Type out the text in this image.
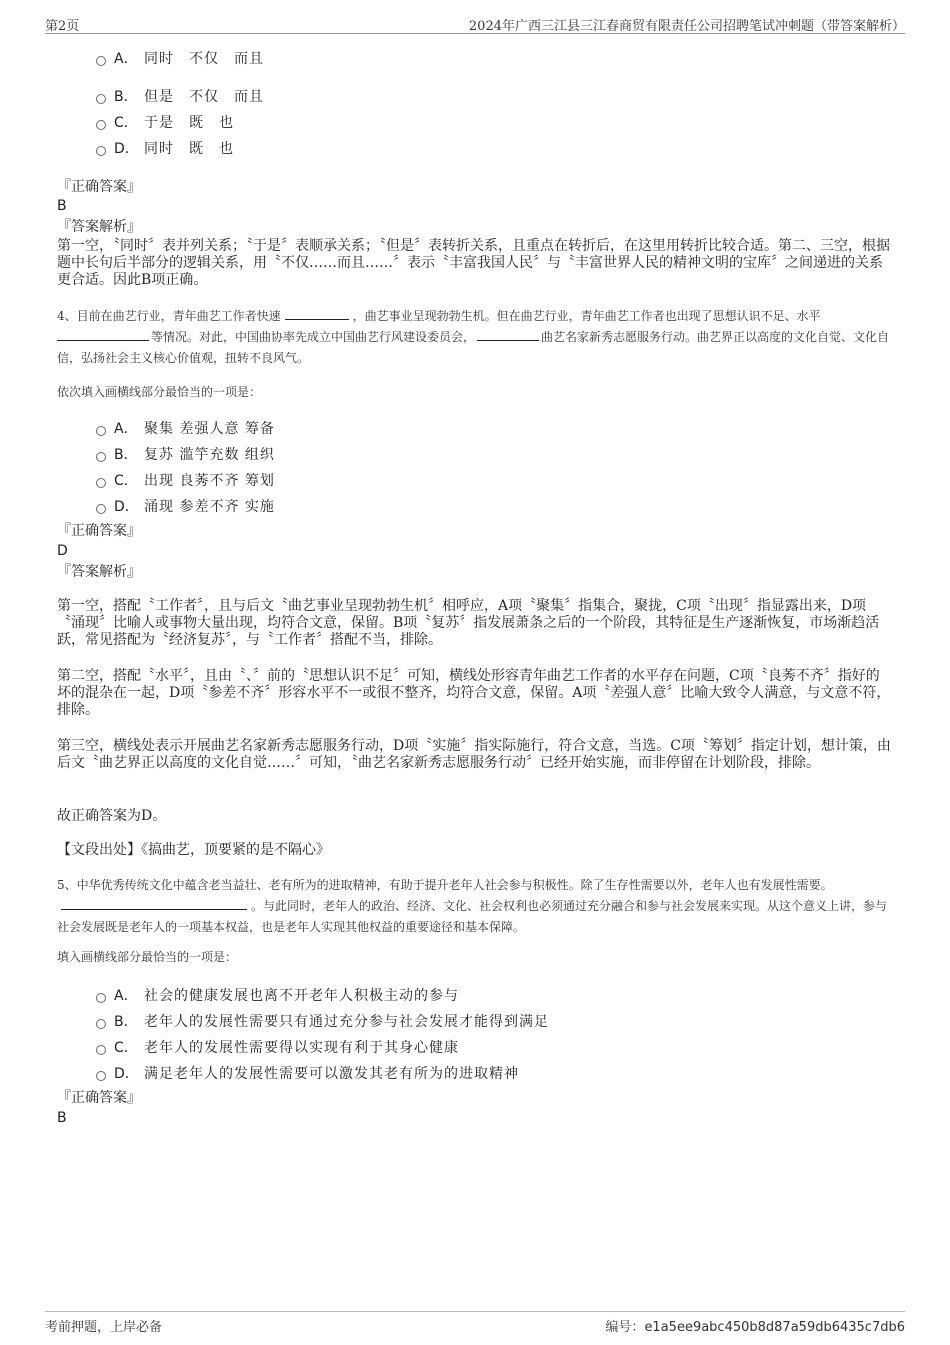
第2页	2024年广西三江县三江春商贸有限责任公司招聘笔试冲刺题（带答案解析）
A． 同时　不仅　而且
B． 但是　不仅　而且
C． 于是　既　也
D． 同时　既　也
『正确答案』
B
『答案解析』
第一空，〝同时〞表并列关系；〝于是〞表顺承关系；〝但是〞表转折关系，且重点在转折后，在这里用转折比较合适。第二、三空，根据题中长句后半部分的逻辑关系，用〝不仅……而且……〞表示〝丰富我国人民〞与〝丰富世界人民的精神文明的宝库〞之间递进的关系更合适。因此B项正确。
4、目前在曲艺行业，青年曲艺工作者快速	，曲艺事业呈现勃勃生机。但在曲艺行业，青年曲艺工作者也出现了思想认识不足、水平等情况。对此，中国曲协率先成立中国曲艺行风建设委员会，	曲艺名家新秀志愿服务行动。曲艺界正以高度的文化自觉、文化自信，弘扬社会主义核心价值观，扭转不良风气。
依次填入画横线部分最恰当的一项是：
A． 聚集 差强人意 筹备
B． 复苏 滥竽充数 组织
C． 出现 良莠不齐 筹划
D． 涌现 参差不齐 实施
『正确答案』
D
『答案解析』
第一空，搭配〝工作者〞，且与后文〝曲艺事业呈现勃勃生机〞相呼应，A项〝聚集〞指集合，聚拢，C项〝出现〞指显露出来，D项〝涌现〞比喻人或事物大量出现，均符合文意，保留。B项〝复苏〞指发展萧条之后的一个阶段，其特征是生产逐渐恢复，市场渐趋活跃，常见搭配为〝经济复苏〞，与〝工作者〞搭配不当，排除。
第二空，搭配〝水平〞，且由〝、〞前的〝思想认识不足〞可知，横线处形容青年曲艺工作者的水平存在问题，C项〝良莠不齐〞指好的坏的混杂在一起，D项〝参差不齐〞形容水平不一或很不整齐，均符合文意，保留。A项〝差强人意〞比喻大致令人满意，与文意不符，排除。
第三空，横线处表示开展曲艺名家新秀志愿服务行动，D项〝实施〞指实际施行，符合文意，当选。C项〝筹划〞指定计划，想计策，由后文〝曲艺界正以高度的文化自觉……〞可知，〝曲艺名家新秀志愿服务行动〞已经开始实施，而非停留在计划阶段，排除。
故正确答案为D。
【文段出处】《搞曲艺，顶要紧的是不隔心》
5、中华优秀传统文化中蕴含老当益壮、老有所为的进取精神，有助于提升老年人社会参与积极性。除了生存性需要以外，老年人也有发展性需要。。与此同时，老年人的政治、经济、文化、社会权利也必须通过充分融合和参与社会发展来实现。从这个意义上讲，参与社会发展既是老年人的一项基本权益，也是老年人实现其他权益的重要途径和基本保障。
填入画横线部分最恰当的一项是：
A． 社会的健康发展也离不开老年人积极主动的参与
B． 老年人的发展性需要只有通过充分参与社会发展才能得到满足
C． 老年人的发展性需要得以实现有利于其身心健康
D． 满足老年人的发展性需要可以激发其老有所为的进取精神
『正确答案』
B
考前押题，上岸必备	编号：e1a5ee9abc450b8d87a59db6435c7db6
